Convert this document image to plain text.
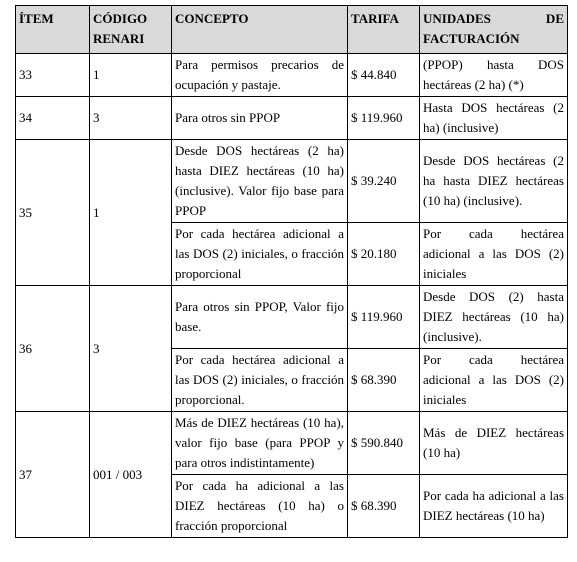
ÍTEM	CÓDIGO RENARI	CONCEPTO	TARIFA	UNIDADES DE FACTURACIÓN
33	1	Para permisos precarios de ocupación y pastaje.	$ 44.840	(PPOP) hasta DOS hectáreas (2 ha) (*)
34	3	Para otros sin PPOP	$ 119.960	Hasta DOS hectáreas (2 ha) (inclusive)
35	1	Desde DOS hectáreas (2 ha) hasta DIEZ hectáreas (10 ha) (inclusive). Valor fijo base para PPOP	$ 39.240	Desde DOS hectáreas (2 ha hasta DIEZ hectáreas (10 ha) (inclusive).
		Por cada hectárea adicional a las DOS (2) iniciales, o fracción proporcional	$ 20.180	Por cada hectárea adicional a las DOS (2) iniciales
36	3	Para otros sin PPOP, Valor fijo base.	$ 119.960	Desde DOS (2) hasta DIEZ hectáreas (10 ha) (inclusive).
		Por cada hectárea adicional a las DOS (2) iniciales, o fracción proporcional.	$ 68.390	Por cada hectárea adicional a las DOS (2) iniciales
37	001 / 003	Más de DIEZ hectáreas (10 ha), valor fijo base (para PPOP y para otros indistintamente)	$ 590.840	Más de DIEZ hectáreas (10 ha)
		Por cada ha adicional a las DIEZ hectáreas (10 ha) o fracción proporcional	$ 68.390	Por cada ha adicional a las DIEZ hectáreas (10 ha)
